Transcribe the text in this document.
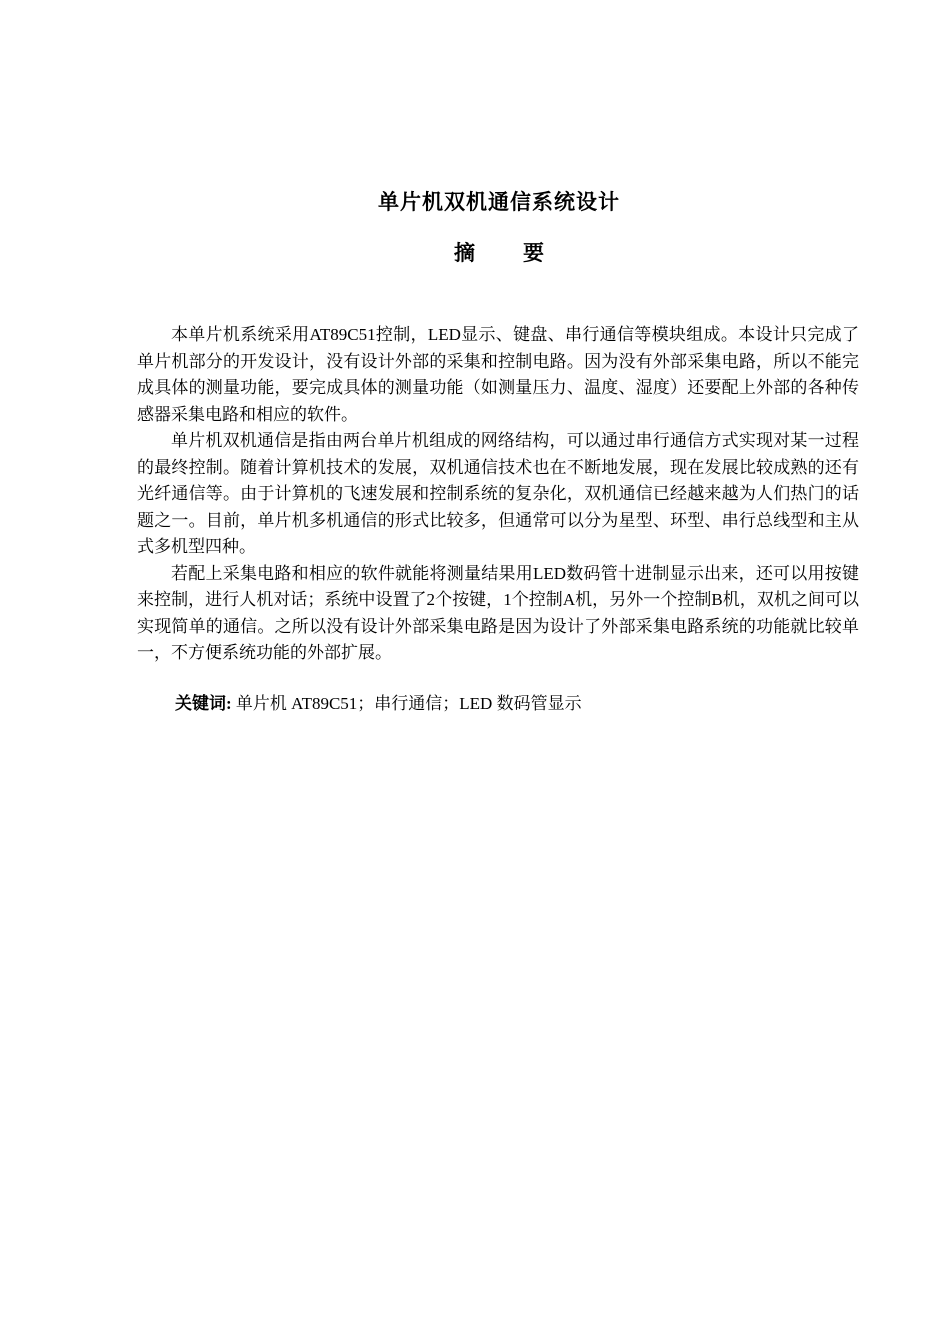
单片机双机通信系统设计
摘 要

本单片机系统采用AT89C51控制，LED显示、键盘、串行通信等模块组成。本设计只完成了单片机部分的开发设计，没有设计外部的采集和控制电路。因为没有外部采集电路，所以不能完成具体的测量功能，要完成具体的测量功能（如测量压力、温度、湿度）还要配上外部的各种传感器采集电路和相应的软件。

单片机双机通信是指由两台单片机组成的网络结构，可以通过串行通信方式实现对某一过程的最终控制。随着计算机技术的发展，双机通信技术也在不断地发展，现在发展比较成熟的还有光纤通信等。由于计算机的飞速发展和控制系统的复杂化，双机通信已经越来越为人们热门的话题之一。目前，单片机多机通信的形式比较多，但通常可以分为星型、环型、串行总线型和主从式多机型四种。

若配上采集电路和相应的软件就能将测量结果用LED数码管十进制显示出来，还可以用按键来控制，进行人机对话；系统中设置了2个按键，1个控制A机，另外一个控制B机，双机之间可以实现简单的通信。之所以没有设计外部采集电路是因为设计了外部采集电路系统的功能就比较单一，不方便系统功能的外部扩展。

关键词: 单片机 AT89C51；串行通信；LED 数码管显示
